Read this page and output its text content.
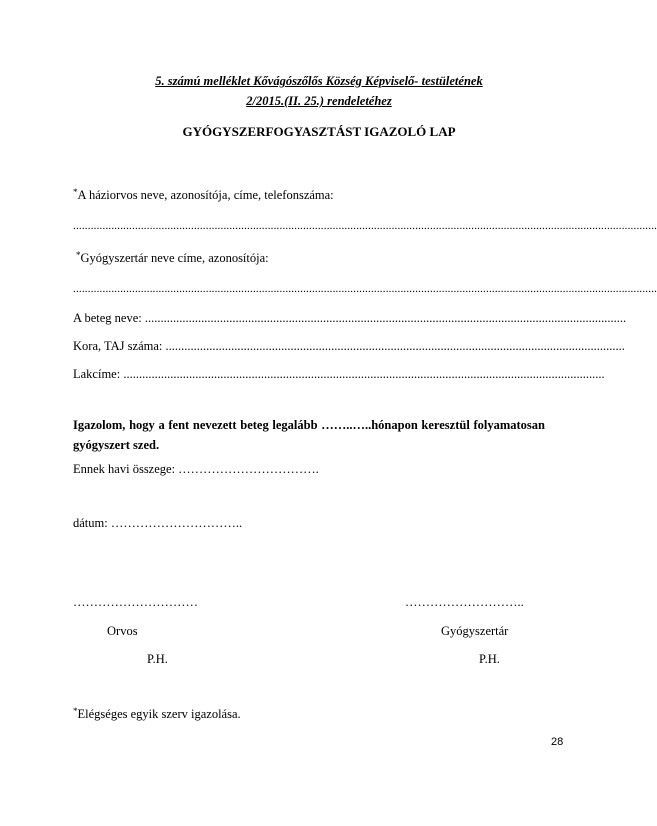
5. számú melléklet Kővágószőlős Község Képviselő- testületének
2/2015.(II. 25.) rendeletéhez
GYÓGYSZERFOGYASZTÁST IGAZOLÓ LAP
*A háziorvos neve, azonosítója, címe, telefonszáma:
......................................................................................................................................................................................................
*Gyógyszertár neve címe, azonosítója:
......................................................................................................................................................................................................
A beteg neve: ..........................................................................................................................................................
Kora, TAJ száma: ...................................................................................................................................................
Lakcíme: ..........................................................................................................................................................
Igazolom, hogy a fent nevezett beteg legalább ……..…..hónapon keresztül folyamatosan
gyógyszert szed.
Ennek havi összege: …………………………….
dátum: …………………………..
…………………………	………………………..
Orvos	Gyógyszertár
P.H.	P.H.
*Elégséges egyik szerv igazolása.
28
